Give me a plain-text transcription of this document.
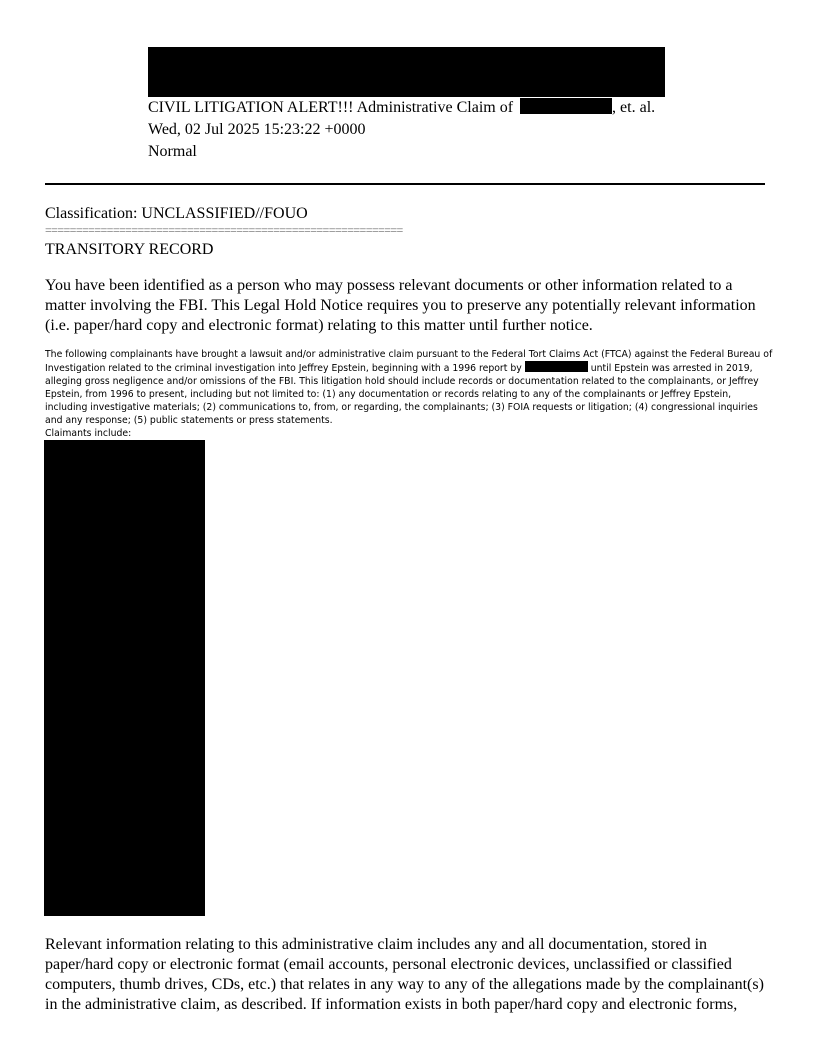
CIVIL LITIGATION ALERT!!! Administrative Claim of	, et. al.
Wed, 02 Jul 2025 15:23:22 +0000
Normal

Classification: UNCLASSIFIED//FOUO

==========================================================

TRANSITORY RECORD

You have been identified as a person who may possess relevant documents or other information related to a matter involving the FBI. This Legal Hold Notice requires you to preserve any potentially relevant information (i.e. paper/hard copy and electronic format) relating to this matter until further notice.

The following complainants have brought a lawsuit and/or administrative claim pursuant to the Federal Tort Claims Act (FTCA) against the Federal Bureau of Investigation related to the criminal investigation into Jeffrey Epstein, beginning with a 1996 report by	until Epstein was arrested in 2019, alleging gross negligence and/or omissions of the FBI. This litigation hold should include records or documentation related to the complainants, or Jeffrey Epstein, from 1996 to present, including but not limited to: (1) any documentation or records relating to any of the complainants or Jeffrey Epstein, including investigative materials; (2) communications to, from, or regarding, the complainants; (3) FOIA requests or litigation; (4) congressional inquiries and any response; (5) public statements or press statements.

Claimants include:

Relevant information relating to this administrative claim includes any and all documentation, stored in paper/hard copy or electronic format (email accounts, personal electronic devices, unclassified or classified computers, thumb drives, CDs, etc.) that relates in any way to any of the allegations made by the complainant(s) in the administrative claim, as described. If information exists in both paper/hard copy and electronic forms,
